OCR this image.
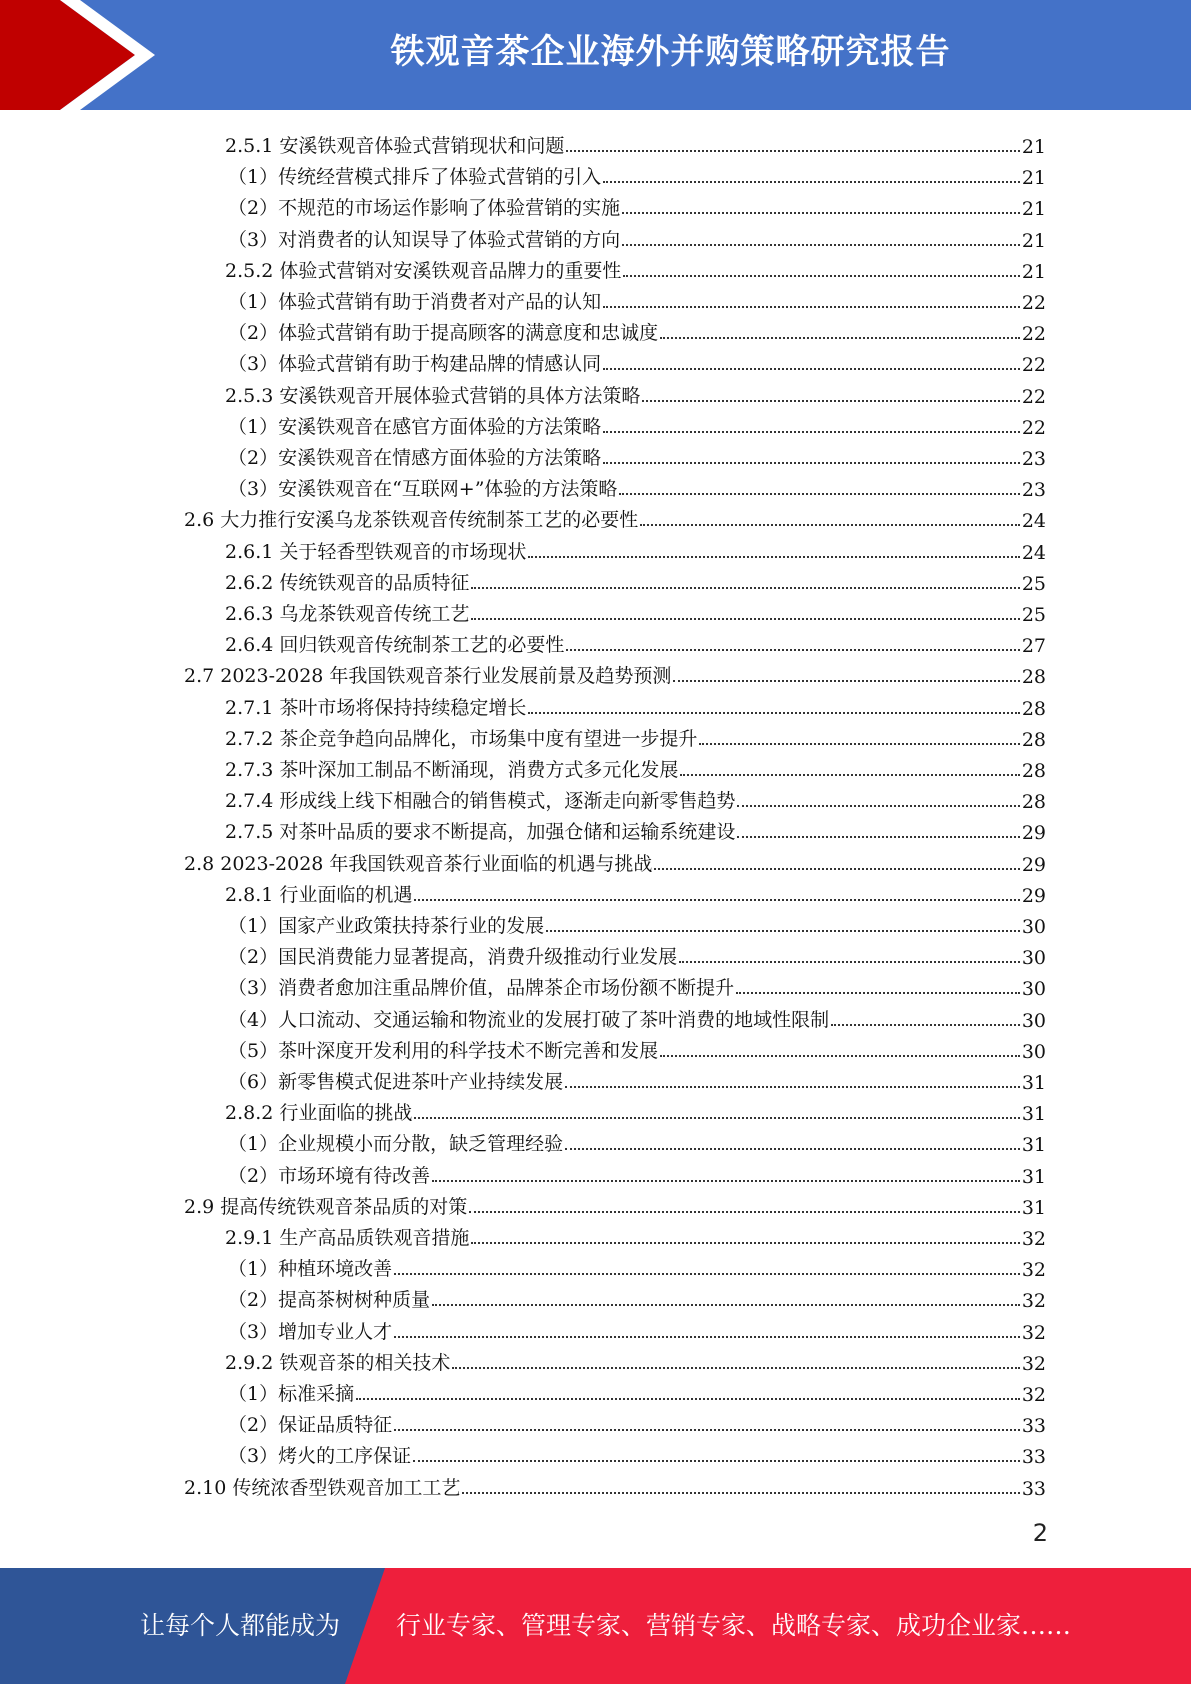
铁观音茶企业海外并购策略研究报告
2.5.1 安溪铁观音体验式营销现状和问题	21
（1）传统经营模式排斥了体验式营销的引入	21
（2）不规范的市场运作影响了体验营销的实施	21
（3）对消费者的认知误导了体验式营销的方向	21
2.5.2 体验式营销对安溪铁观音品牌力的重要性	21
（1）体验式营销有助于消费者对产品的认知	22
（2）体验式营销有助于提高顾客的满意度和忠诚度	22
（3）体验式营销有助于构建品牌的情感认同	22
2.5.3 安溪铁观音开展体验式营销的具体方法策略	22
（1）安溪铁观音在感官方面体验的方法策略	22
（2）安溪铁观音在情感方面体验的方法策略	23
（3）安溪铁观音在“互联网+”体验的方法策略	23
2.6 大力推行安溪乌龙茶铁观音传统制茶工艺的必要性	24
2.6.1 关于轻香型铁观音的市场现状	24
2.6.2 传统铁观音的品质特征	25
2.6.3 乌龙茶铁观音传统工艺	25
2.6.4 回归铁观音传统制茶工艺的必要性	27
2.7 2023-2028 年我国铁观音茶行业发展前景及趋势预测	28
2.7.1 茶叶市场将保持持续稳定增长	28
2.7.2 茶企竞争趋向品牌化，市场集中度有望进一步提升	28
2.7.3 茶叶深加工制品不断涌现，消费方式多元化发展	28
2.7.4 形成线上线下相融合的销售模式，逐渐走向新零售趋势	28
2.7.5 对茶叶品质的要求不断提高，加强仓储和运输系统建设	29
2.8 2023-2028 年我国铁观音茶行业面临的机遇与挑战	29
2.8.1 行业面临的机遇	29
（1）国家产业政策扶持茶行业的发展	30
（2）国民消费能力显著提高，消费升级推动行业发展	30
（3）消费者愈加注重品牌价值，品牌茶企市场份额不断提升	30
（4）人口流动、交通运输和物流业的发展打破了茶叶消费的地域性限制	30
（5）茶叶深度开发利用的科学技术不断完善和发展	30
（6）新零售模式促进茶叶产业持续发展	31
2.8.2 行业面临的挑战	31
（1）企业规模小而分散，缺乏管理经验	31
（2）市场环境有待改善	31
2.9 提高传统铁观音茶品质的对策	31
2.9.1 生产高品质铁观音措施	32
（1）种植环境改善	32
（2）提高茶树树种质量	32
（3）增加专业人才	32
2.9.2 铁观音茶的相关技术	32
（1）标准采摘	32
（2）保证品质特征	33
（3）烤火的工序保证	33
2.10 传统浓香型铁观音加工工艺	33
2
让每个人都能成为 行业专家、管理专家、营销专家、战略专家、成功企业家……
